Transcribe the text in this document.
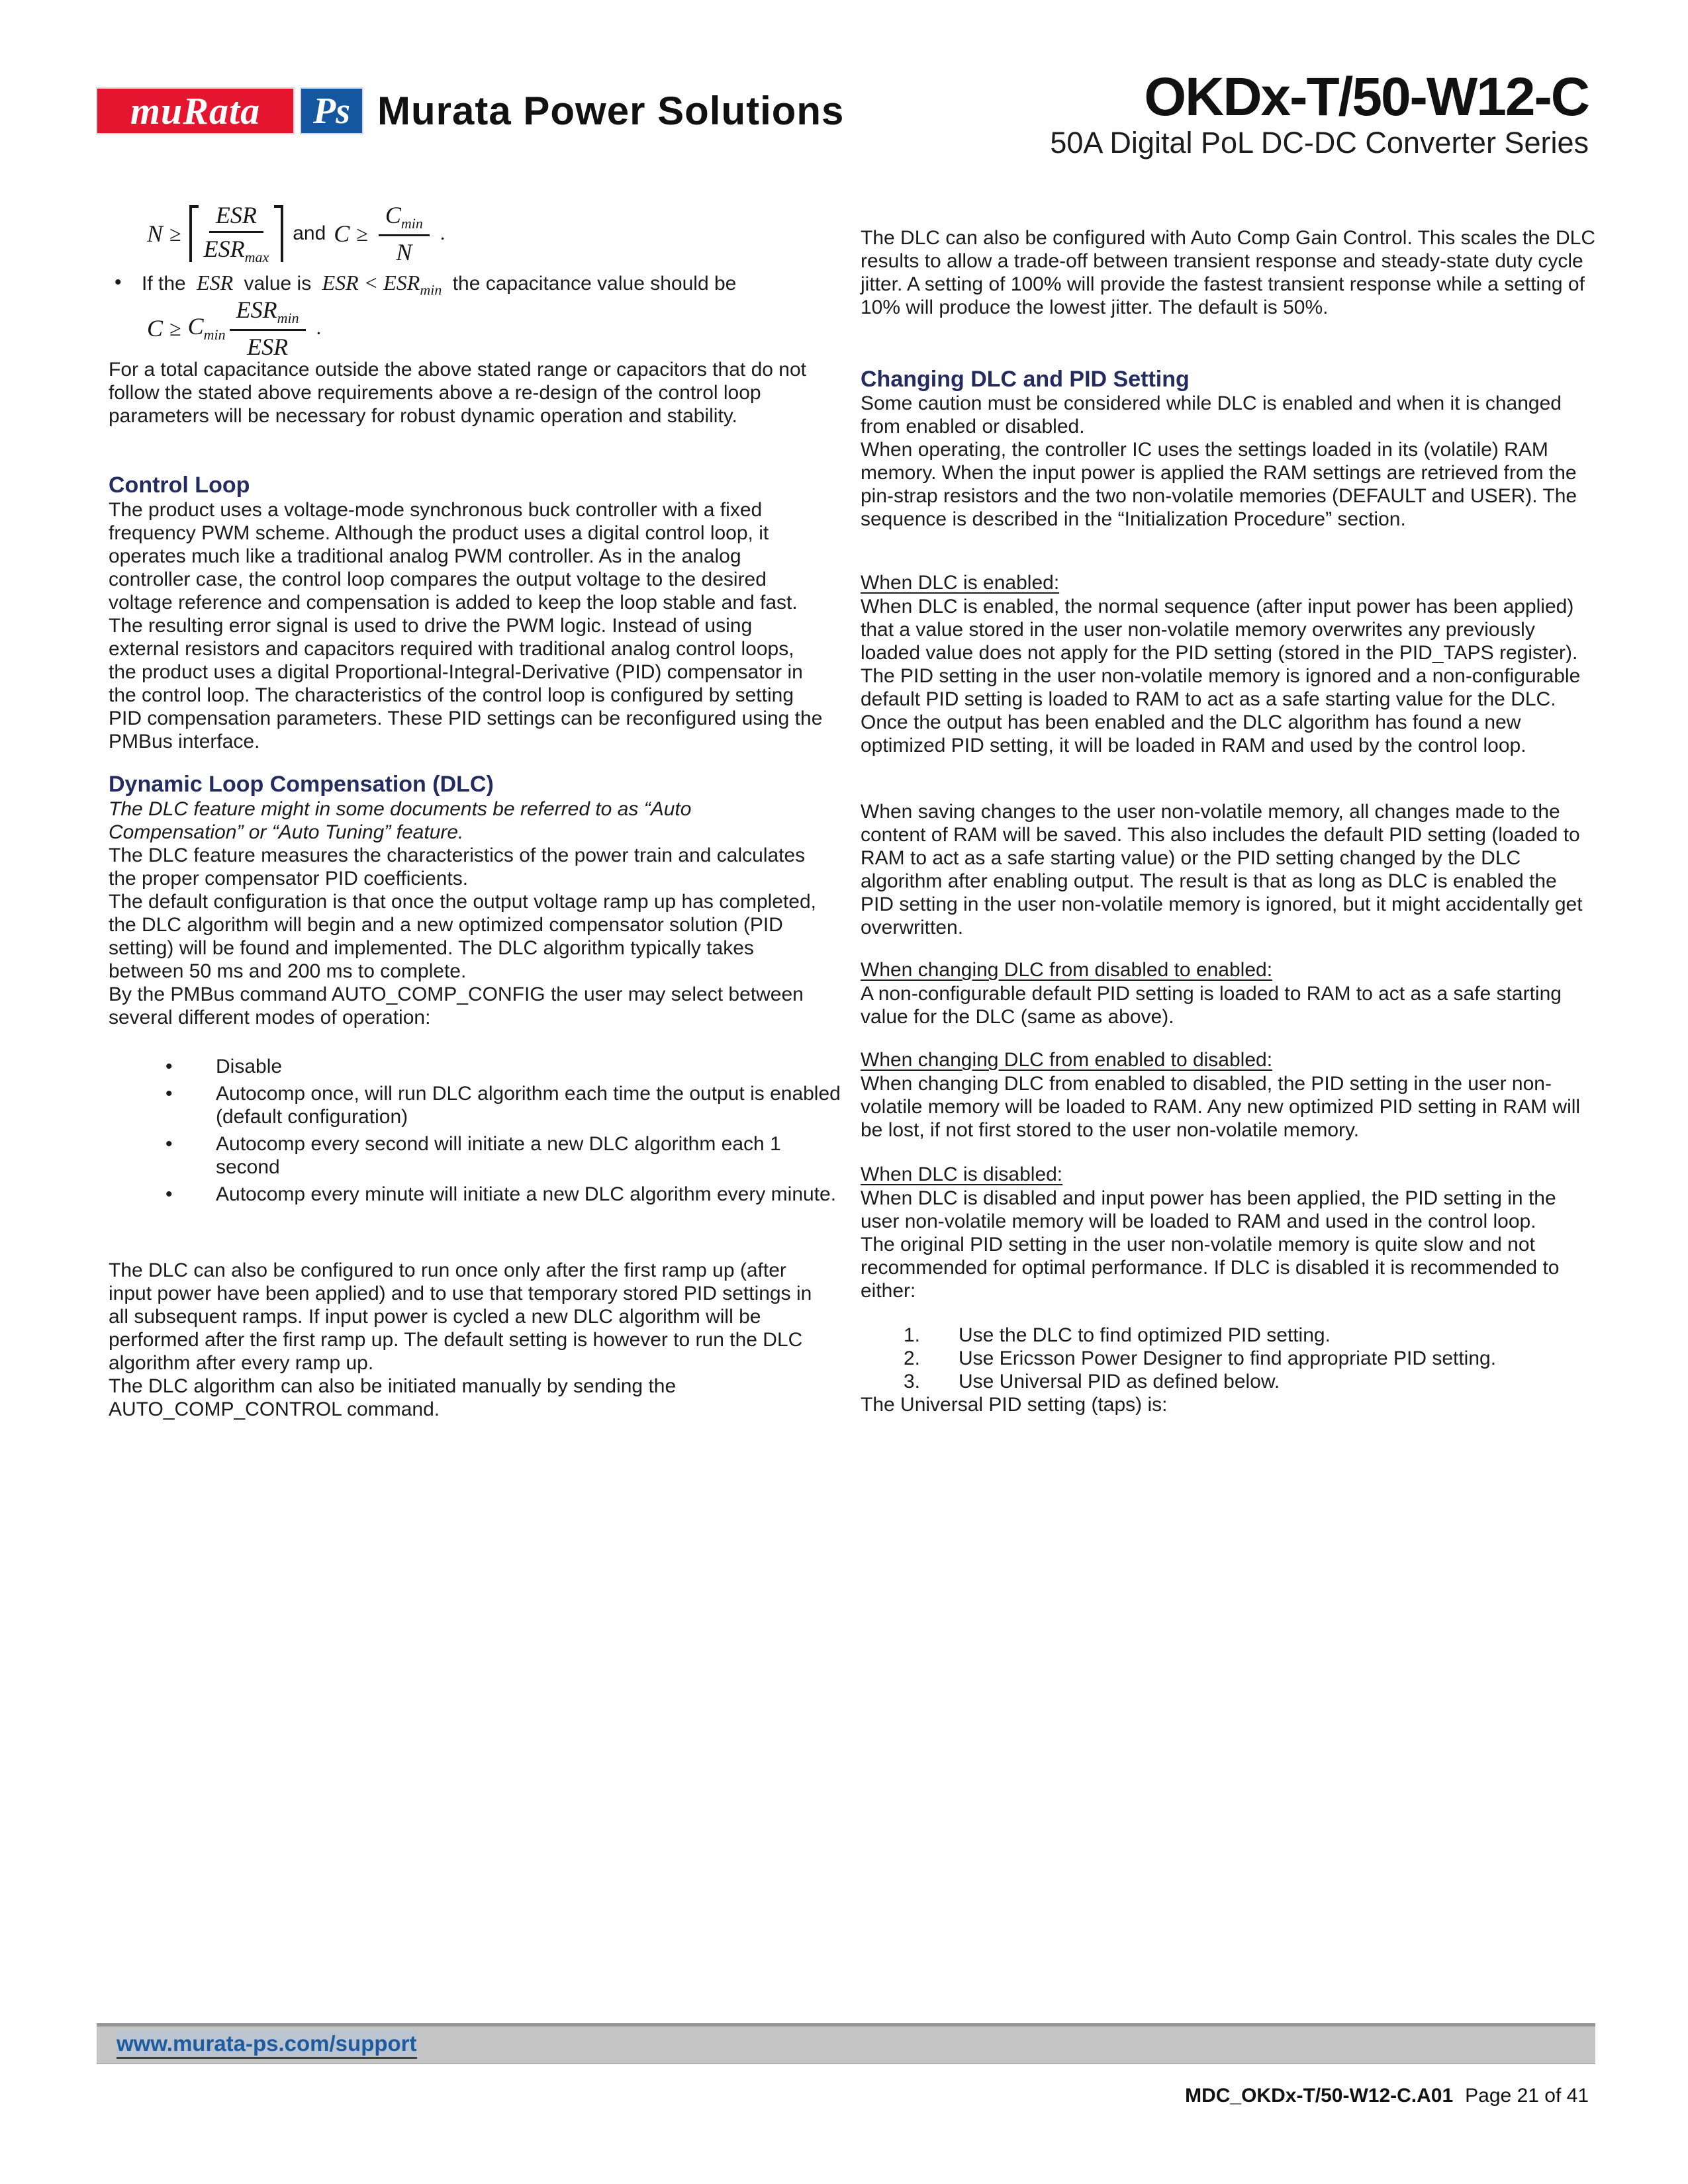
muRata Ps Murata Power Solutions	OKDx-T/50-W12-C
50A Digital PoL DC-DC Converter Series
$N \ge \frac{\text{ESR}}{ESR_{max}}$	and $C \ge \frac{C_{min}}{N}$ .
•	If the ESR value is ESR < $ESR_{min}$ the capacitance value should be
$C \ge C_{min} \frac{ESR_{min}}{\text{ESR}}$ .
For a total capacitance outside the above stated range or capacitors that do not follow the stated above requirements above a re-design of the control loop parameters will be necessary for robust dynamic operation and stability.
Control Loop
The product uses a voltage-mode synchronous buck controller with a fixed frequency PWM scheme. Although the product uses a digital control loop, it operates much like a traditional analog PWM controller. As in the analog controller case, the control loop compares the output voltage to the desired voltage reference and compensation is added to keep the loop stable and fast. The resulting error signal is used to drive the PWM logic. Instead of using external resistors and capacitors required with traditional analog control loops, the product uses a digital Proportional-Integral-Derivative (PID) compensator in the control loop. The characteristics of the control loop is configured by setting PID compensation parameters. These PID settings can be reconfigured using the PMBus interface.
Dynamic Loop Compensation (DLC)

The DLC feature might in some documents be referred to as “Auto Compensation” or “Auto Tuning” feature.

The DLC feature measures the characteristics of the power train and calculates the proper compensator PID coefficients.

The default configuration is that once the output voltage ramp up has completed, the DLC algorithm will begin and a new optimized compensator solution (PID setting) will be found and implemented. The DLC algorithm typically takes between 50 ms and 200 ms to complete.

By the PMBus command AUTO_COMP_CONFIG the user may select between several different modes of operation:

• Disable
• Autocomp once, will run DLC algorithm each time the output is enabled (default configuration)
• Autocomp every second will initiate a new DLC algorithm each 1 second
• Autocomp every minute will initiate a new DLC algorithm every minute.

The DLC can also be configured to run once only after the first ramp up (after input power have been applied) and to use that temporary stored PID settings in all subsequent ramps. If input power is cycled a new DLC algorithm will be performed after the first ramp up. The default setting is however to run the DLC algorithm after every ramp up.

The DLC algorithm can also be initiated manually by sending the AUTO_COMP_CONTROL command.

The DLC can also be configured with Auto Comp Gain Control. This scales the DLC results to allow a trade-off between transient response and steady-state duty cycle jitter. A setting of 100% will provide the fastest transient response while a setting of 10% will produce the lowest jitter. The default is 50%.
Changing DLC and PID Setting

Some caution must be considered while DLC is enabled and when it is changed from enabled or disabled.

When operating, the controller IC uses the settings loaded in its (volatile) RAM memory. When the input power is applied the RAM settings are retrieved from the pin-strap resistors and the two non-volatile memories (DEFAULT and USER). The sequence is described in the “Initialization Procedure” section.

When DLC is enabled:
When DLC is enabled, the normal sequence (after input power has been applied) that a value stored in the user non-volatile memory overwrites any previously loaded value does not apply for the PID setting (stored in the PID_TAPS register). The PID setting in the user non-volatile memory is ignored and a non-configurable default PID setting is loaded to RAM to act as a safe starting value for the DLC. Once the output has been enabled and the DLC algorithm has found a new optimized PID setting, it will be loaded in RAM and used by the control loop.
When saving changes to the user non-volatile memory, all changes made to the content of RAM will be saved. This also includes the default PID setting (loaded to RAM to act as a safe starting value) or the PID setting changed by the DLC algorithm after enabling output. The result is that as long as DLC is enabled the PID setting in the user non-volatile memory is ignored, but it might accidentally get overwritten.
When changing DLC from disabled to enabled:
A non-configurable default PID setting is loaded to RAM to act as a safe starting value for the DLC (same as above).
When changing DLC from enabled to disabled:
When changing DLC from enabled to disabled, the PID setting in the user non-volatile memory will be loaded to RAM. Any new optimized PID setting in RAM will be lost, if not first stored to the user non-volatile memory.
When DLC is disabled:

When DLC is disabled and input power has been applied, the PID setting in the user non-volatile memory will be loaded to RAM and used in the control loop.

The original PID setting in the user non-volatile memory is quite slow and not recommended for optimal performance. If DLC is disabled it is recommended to either:

1. Use the DLC to find optimized PID setting.
2. Use Ericsson Power Designer to find appropriate PID setting.
3. Use Universal PID as defined below.
The Universal PID setting (taps) is:
www.murata-ps.com/support
MDC_OKDx-T/50-W12-C.A01 Page 21 of 41
